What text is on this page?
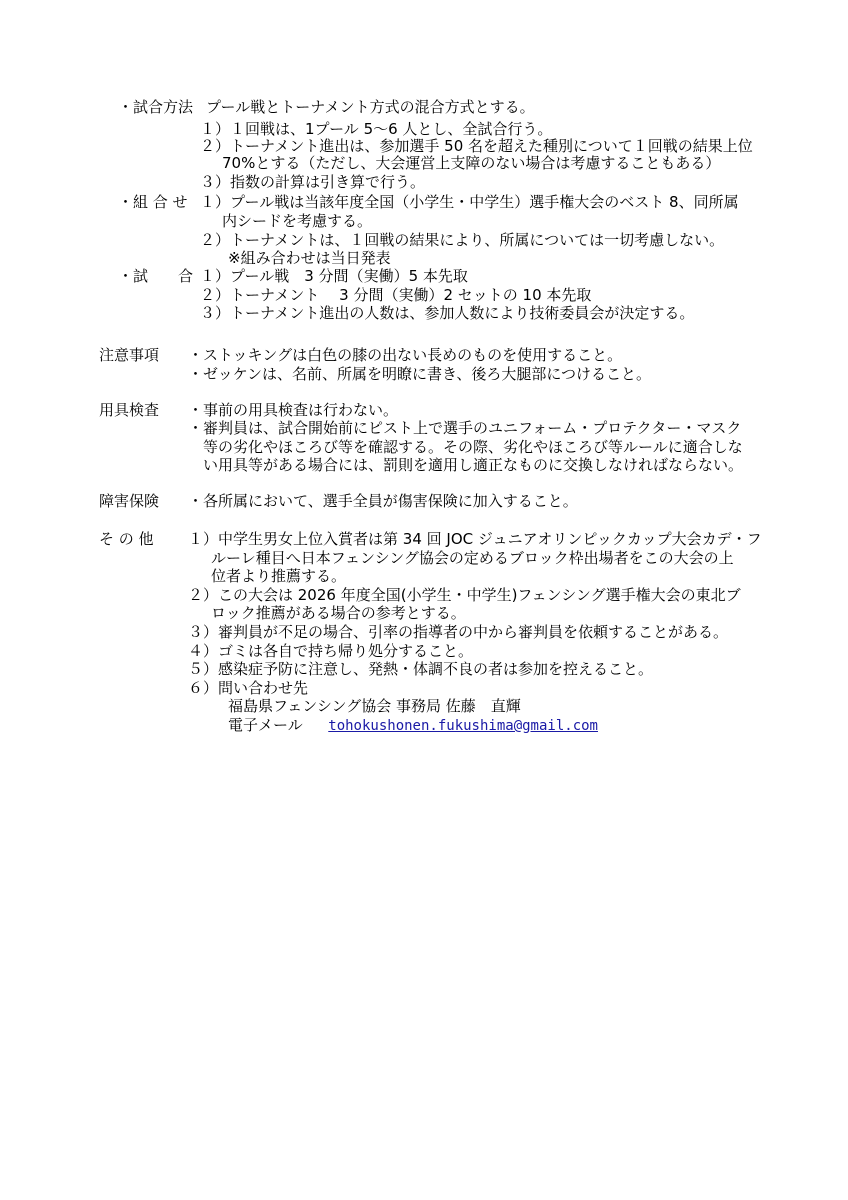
・試合方法 プール戦とトーナメント方式の混合方式とする。
１）１回戦は、1プール 5～6 人とし、全試合行う。
２）トーナメント進出は、参加選手 50 名を超えた種別について１回戦の結果上位
70%とする（ただし、大会運営上支障のない場合は考慮することもある）
３）指数の計算は引き算で行う。
・組 合 せ １）プール戦は当該年度全国（小学生・中学生）選手権大会のベスト 8、同所属
内シードを考慮する。
２）トーナメントは、１回戦の結果により、所属については一切考慮しない。
※組み合わせは当日発表
・試　　合 １）プール戦　3 分間（実働）5 本先取
２）トーナメント　 3 分間（実働）2 セットの 10 本先取
３）トーナメント進出の人数は、参加人数により技術委員会が決定する。
注意事項 ・ストッキングは白色の膝の出ない長めのものを使用すること。
・ゼッケンは、名前、所属を明瞭に書き、後ろ大腿部につけること。
用具検査 ・事前の用具検査は行わない。
・審判員は、試合開始前にピスト上で選手のユニフォーム・プロテクター・マスク
等の劣化やほころび等を確認する。その際、劣化やほころび等ルールに適合しな
い用具等がある場合には、罰則を適用し適正なものに交換しなければならない。
障害保険 ・各所属において、選手全員が傷害保険に加入すること。
そ の 他 １）中学生男女上位入賞者は第 34 回 JOC ジュニアオリンピックカップ大会カデ・フ
ルーレ種目へ日本フェンシング協会の定めるブロック枠出場者をこの大会の上
位者より推薦する。
２）この大会は 2026 年度全国(小学生・中学生)フェンシング選手権大会の東北ブ
ロック推薦がある場合の参考とする。
３）審判員が不足の場合、引率の指導者の中から審判員を依頼することがある。
４）ゴミは各自で持ち帰り処分すること。
５）感染症予防に注意し、発熱・体調不良の者は参加を控えること。
６）問い合わせ先
福島県フェンシング協会 事務局 佐藤　直輝
電子メール tohokushonen.fukushima@gmail.com
